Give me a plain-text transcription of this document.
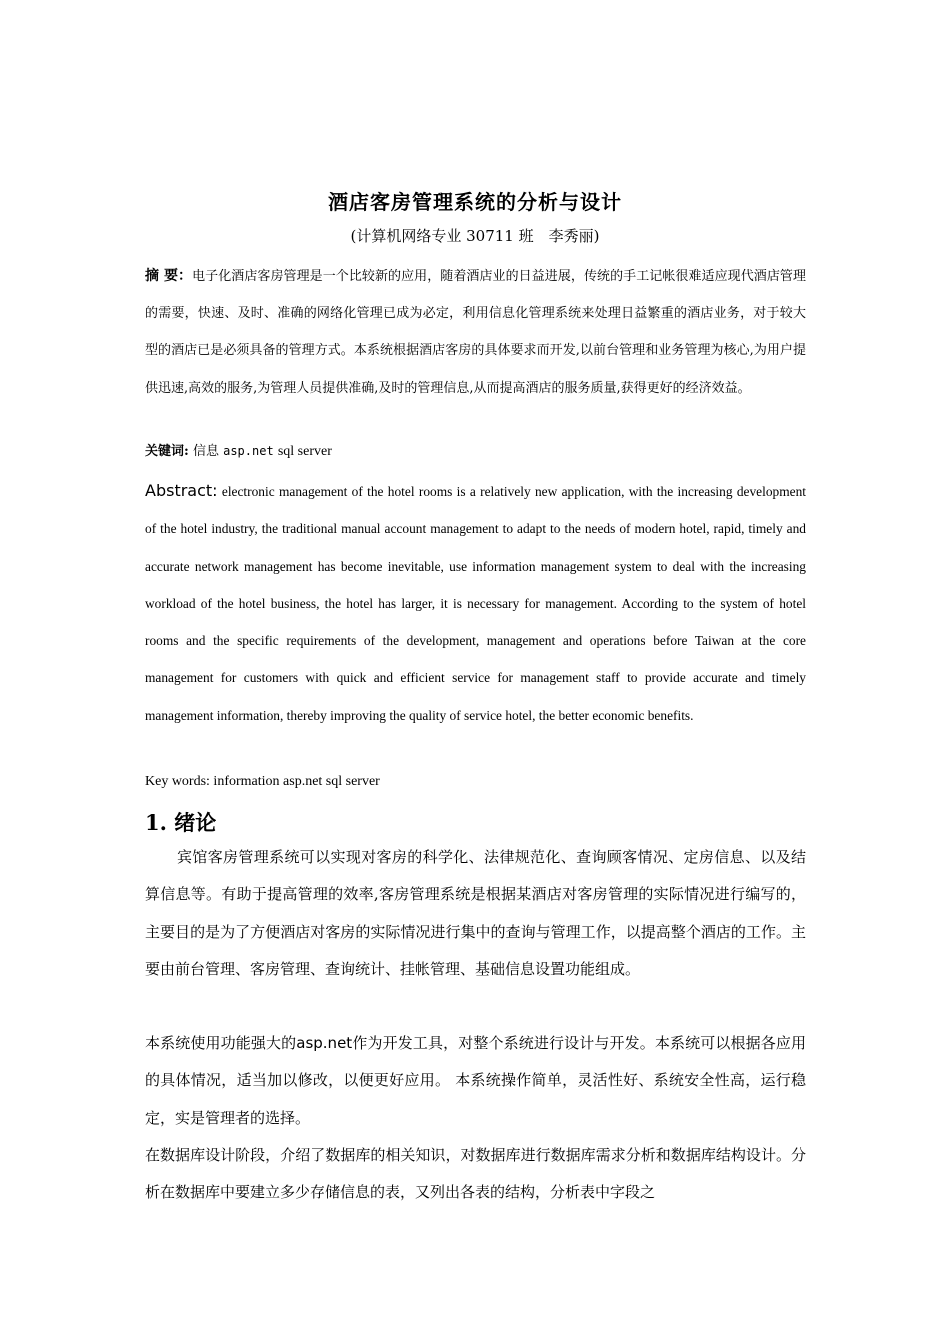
酒店客房管理系统的分析与设计
(计算机网络专业 30711 班　李秀丽)
摘 要：电子化酒店客房管理是一个比较新的应用，随着酒店业的日益进展，传统的手工记帐很难适应现代酒店管理的需要，快速、及时、准确的网络化管理已成为必定，利用信息化管理系统来处理日益繁重的酒店业务，对于较大型的酒店已是必须具备的管理方式。本系统根据酒店客房的具体要求而开发,以前台管理和业务管理为核心,为用户提供迅速,高效的服务,为管理人员提供准确,及时的管理信息,从而提高酒店的服务质量,获得更好的经济效益。
关键词: 信息 asp.net sql server
Abstract: electronic management of the hotel rooms is a relatively new application, with the increasing development of the hotel industry, the traditional manual account management to adapt to the needs of modern hotel, rapid, timely and accurate network management has become inevitable, use information management system to deal with the increasing workload of the hotel business, the hotel has larger, it is necessary for management. According to the system of hotel rooms and the specific requirements of the development, management and operations before Taiwan at the core management for customers with quick and efficient service for management staff to provide accurate and timely management information, thereby improving the quality of service hotel, the better economic benefits.
Key words: information asp.net sql server
1. 绪论
宾馆客房管理系统可以实现对客房的科学化、法律规范化、查询顾客情况、定房信息、以及结算信息等。有助于提高管理的效率,客房管理系统是根据某酒店对客房管理的实际情况进行编写的，主要目的是为了方便酒店对客房的实际情况进行集中的查询与管理工作，以提高整个酒店的工作。主要由前台管理、客房管理、查询统计、挂帐管理、基础信息设置功能组成。
本系统使用功能强大的asp.net作为开发工具，对整个系统进行设计与开发。本系统可以根据各应用的具体情况，适当加以修改，以便更好应用。 本系统操作简单，灵活性好、系统安全性高，运行稳定，实是管理者的选择。
在数据库设计阶段，介绍了数据库的相关知识，对数据库进行数据库需求分析和数据库结构设计。分析在数据库中要建立多少存储信息的表，又列出各表的结构，分析表中字段之
